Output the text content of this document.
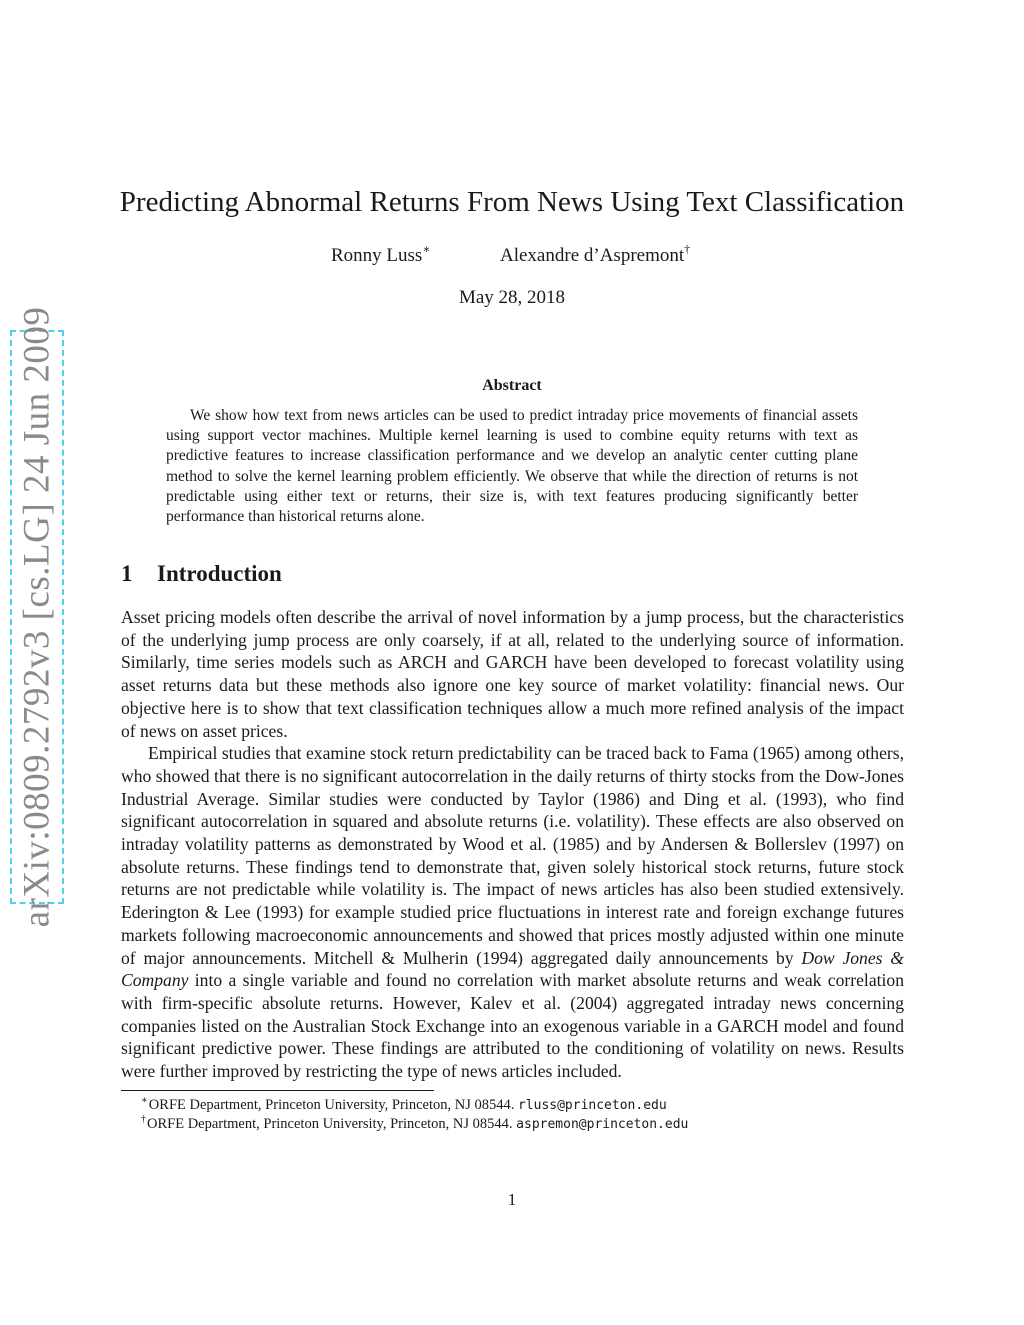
arXiv:0809.2792v3 [cs.LG] 24 Jun 2009
Predicting Abnormal Returns From News Using Text Classification
Ronny Luss∗	Alexandre d’Aspremont†
May 28, 2018
Abstract
We show how text from news articles can be used to predict intraday price movements of financial assets using support vector machines. Multiple kernel learning is used to combine equity returns with text as predictive features to increase classification performance and we develop an analytic center cutting plane method to solve the kernel learning problem efficiently. We observe that while the direction of returns is not predictable using either text or returns, their size is, with text features producing significantly better performance than historical returns alone.
1 Introduction

Asset pricing models often describe the arrival of novel information by a jump process, but the characteristics of the underlying jump process are only coarsely, if at all, related to the underlying source of information. Similarly, time series models such as ARCH and GARCH have been developed to forecast volatility using asset returns data but these methods also ignore one key source of market volatility: financial news. Our objective here is to show that text classification techniques allow a much more refined analysis of the impact of news on asset prices.

Empirical studies that examine stock return predictability can be traced back to Fama (1965) among others, who showed that there is no significant autocorrelation in the daily returns of thirty stocks from the Dow-Jones Industrial Average. Similar studies were conducted by Taylor (1986) and Ding et al. (1993), who find significant autocorrelation in squared and absolute returns (i.e. volatility). These effects are also observed on intraday volatility patterns as demonstrated by Wood et al. (1985) and by Andersen & Bollerslev (1997) on absolute returns. These findings tend to demonstrate that, given solely historical stock returns, future stock returns are not predictable while volatility is. The impact of news articles has also been studied extensively. Ederington & Lee (1993) for example studied price fluctuations in interest rate and foreign exchange futures markets following macroeconomic announcements and showed that prices mostly adjusted within one minute of major announcements. Mitchell & Mulherin (1994) aggregated daily announcements by Dow Jones & Company into a single variable and found no correlation with market absolute returns and weak correlation with firm-specific absolute returns. However, Kalev et al. (2004) aggregated intraday news concerning companies listed on the Australian Stock Exchange into an exogenous variable in a GARCH model and found significant predictive power. These findings are attributed to the conditioning of volatility on news. Results were further improved by restricting the type of news articles included.

∗ORFE Department, Princeton University, Princeton, NJ 08544. rluss@princeton.edu
†ORFE Department, Princeton University, Princeton, NJ 08544. aspremon@princeton.edu
1
